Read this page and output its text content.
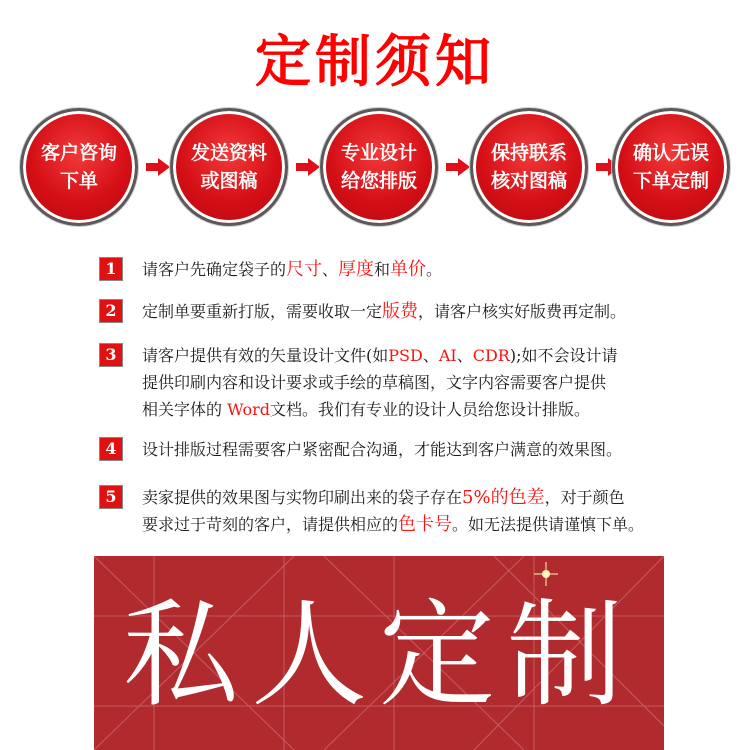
定制须知
客户咨询
下单
发送资料
或图稿
专业设计
给您排版
保持联系
核对图稿
确认无误
下单定制
1	请客户先确定袋子的尺寸、厚度和单价。
2	定制单要重新打版，需要收取一定版费，请客户核实好版费再定制。
3	请客户提供有效的矢量设计文件(如PSD、AI、CDR);如不会设计请
提供印刷内容和设计要求或手绘的草稿图，文字内容需要客户提供
相关字体的 Word文档。我们有专业的设计人员给您设计排版。
4	设计排版过程需要客户紧密配合沟通，才能达到客户满意的效果图。
5	卖家提供的效果图与实物印刷出来的袋子存在5%的色差，对于颜色
要求过于苛刻的客户，请提供相应的色卡号。如无法提供请谨慎下单。
私人定制
